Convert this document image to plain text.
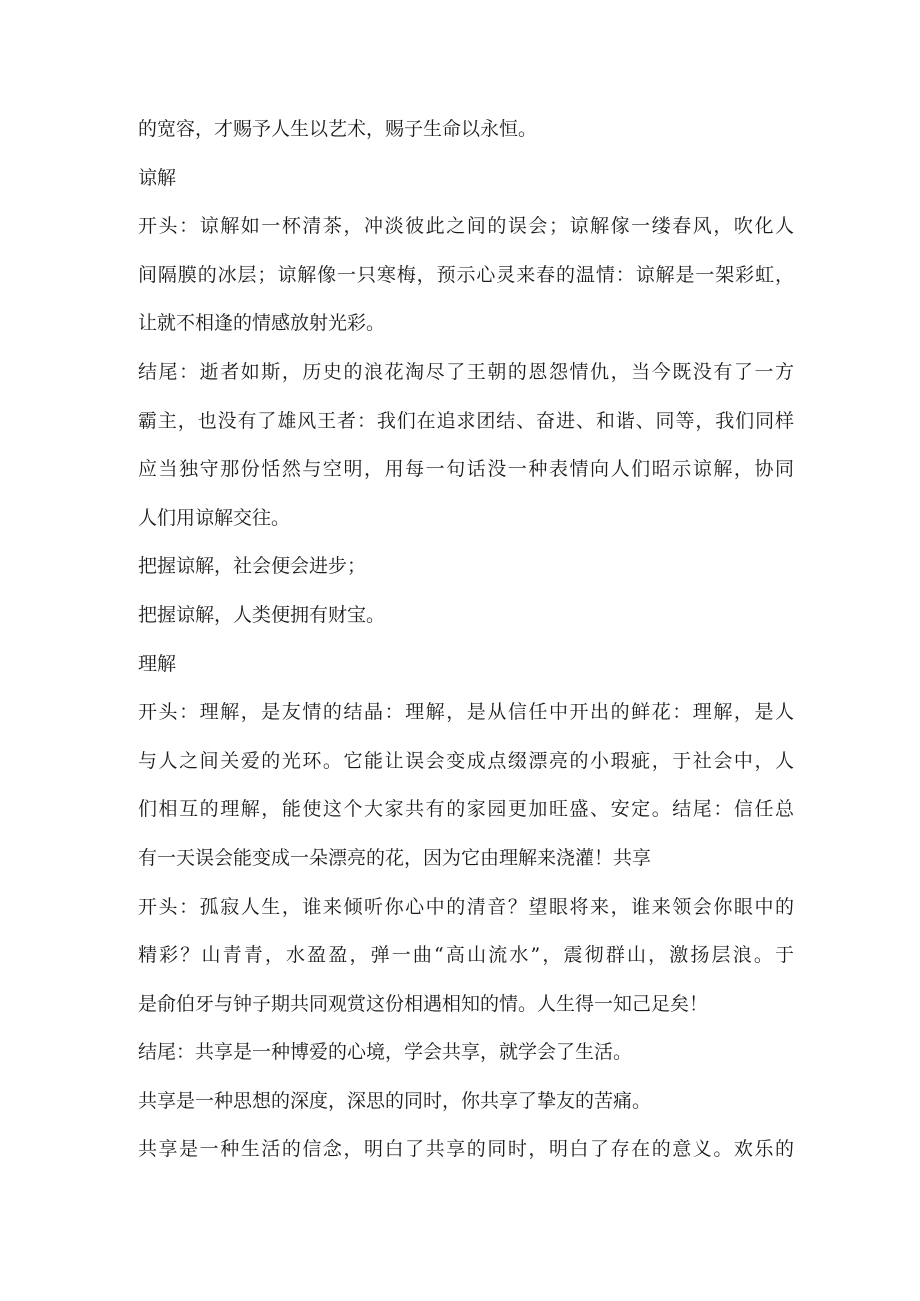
的宽容，才赐予人生以艺术，赐子生命以永恒。
谅解
开头：谅解如一杯清茶，冲淡彼此之间的误会；谅解傢一缕春风，吹化人
间隔膜的冰层；谅解像一只寒梅，预示心灵来春的温情：谅解是一架彩虹，
让就不相逢的情感放射光彩。
结尾：逝者如斯，历史的浪花淘尽了王朝的恩怨情仇，当今既没有了一方
霸主，也没有了雄风王者：我们在追求团结、奋进、和谐、同等，我们同样
应当独守那份恬然与空明，用每一句话没一种表情向人们昭示谅解，协同
人们用谅解交往。
把握谅解，社会便会进步；
把握谅解，人类便拥有财宝。
理解
开头：理解，是友情的结晶：理解，是从信任中开出的鲜花：理解，是人
与人之间关爱的光环。它能让误会变成点缀漂亮的小瑕疵，于社会中，人
们相互的理解，能使这个大家共有的家园更加旺盛、安定。结尾：信任总
有一天误会能变成一朵漂亮的花，因为它由理解来浇灌！共享
开头：孤寂人生，谁来倾听你心中的清音？望眼将来，谁来领会你眼中的
精彩？山青青，水盈盈，弹一曲“高山流水”，震彻群山，激扬层浪。于
是俞伯牙与钟子期共同观赏这份相遇相知的情。人生得一知己足矣！
结尾：共享是一种博爱的心境，学会共享，就学会了生活。
共享是一种思想的深度，深思的同时，你共享了挚友的苦痛。
共享是一种生活的信念，明白了共享的同时，明白了存在的意义。欢乐的
